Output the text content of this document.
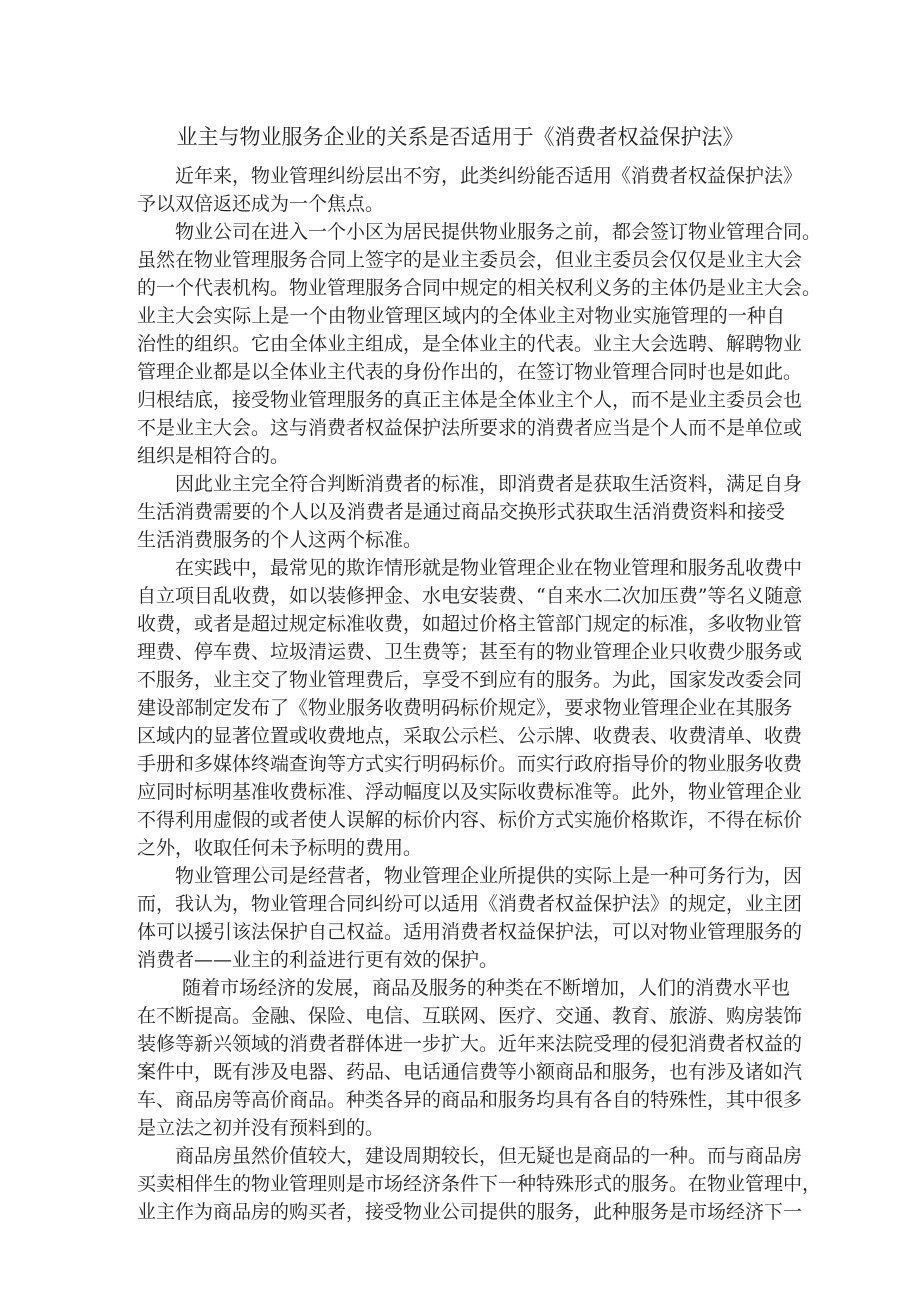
业主与物业服务企业的关系是否适用于《消费者权益保护法》
近年来，物业管理纠纷层出不穷，此类纠纷能否适用《消费者权益保护法》
予以双倍返还成为一个焦点。
物业公司在进入一个小区为居民提供物业服务之前，都会签订物业管理合同。
虽然在物业管理服务合同上签字的是业主委员会，但业主委员会仅仅是业主大会
的一个代表机构。物业管理服务合同中规定的相关权利义务的主体仍是业主大会。
业主大会实际上是一个由物业管理区域内的全体业主对物业实施管理的一种自
治性的组织。它由全体业主组成，是全体业主的代表。业主大会选聘、解聘物业
管理企业都是以全体业主代表的身份作出的，在签订物业管理合同时也是如此。
归根结底，接受物业管理服务的真正主体是全体业主个人，而不是业主委员会也
不是业主大会。这与消费者权益保护法所要求的消费者应当是个人而不是单位或
组织是相符合的。
因此业主完全符合判断消费者的标准，即消费者是获取生活资料，满足自身
生活消费需要的个人以及消费者是通过商品交换形式获取生活消费资料和接受
生活消费服务的个人这两个标准。
在实践中，最常见的欺诈情形就是物业管理企业在物业管理和服务乱收费中
自立项目乱收费，如以装修押金、水电安装费、“自来水二次加压费”等名义随意
收费，或者是超过规定标准收费，如超过价格主管部门规定的标准，多收物业管
理费、停车费、垃圾清运费、卫生费等；甚至有的物业管理企业只收费少服务或
不服务，业主交了物业管理费后，享受不到应有的服务。为此，国家发改委会同
建设部制定发布了《物业服务收费明码标价规定》，要求物业管理企业在其服务
区域内的显著位置或收费地点，采取公示栏、公示牌、收费表、收费清单、收费
手册和多媒体终端查询等方式实行明码标价。而实行政府指导价的物业服务收费
应同时标明基准收费标准、浮动幅度以及实际收费标准等。此外，物业管理企业
不得利用虚假的或者使人误解的标价内容、标价方式实施价格欺诈，不得在标价
之外，收取任何未予标明的费用。
物业管理公司是经营者，物业管理企业所提供的实际上是一种可务行为，因
而，我认为，物业管理合同纠纷可以适用《消费者权益保护法》的规定，业主团
体可以援引该法保护自己权益。适用消费者权益保护法，可以对物业管理服务的
消费者——业主的利益进行更有效的保护。
随着市场经济的发展，商品及服务的种类在不断增加，人们的消费水平也
在不断提高。金融、保险、电信、互联网、医疗、交通、教育、旅游、购房装饰
装修等新兴领域的消费者群体进一步扩大。近年来法院受理的侵犯消费者权益的
案件中，既有涉及电器、药品、电话通信费等小额商品和服务，也有涉及诸如汽
车、商品房等高价商品。种类各异的商品和服务均具有各自的特殊性，其中很多
是立法之初并没有预料到的。
商品房虽然价值较大，建设周期较长，但无疑也是商品的一种。而与商品房
买卖相伴生的物业管理则是市场经济条件下一种特殊形式的服务。在物业管理中，
业主作为商品房的购买者，接受物业公司提供的服务，此种服务是市场经济下一
